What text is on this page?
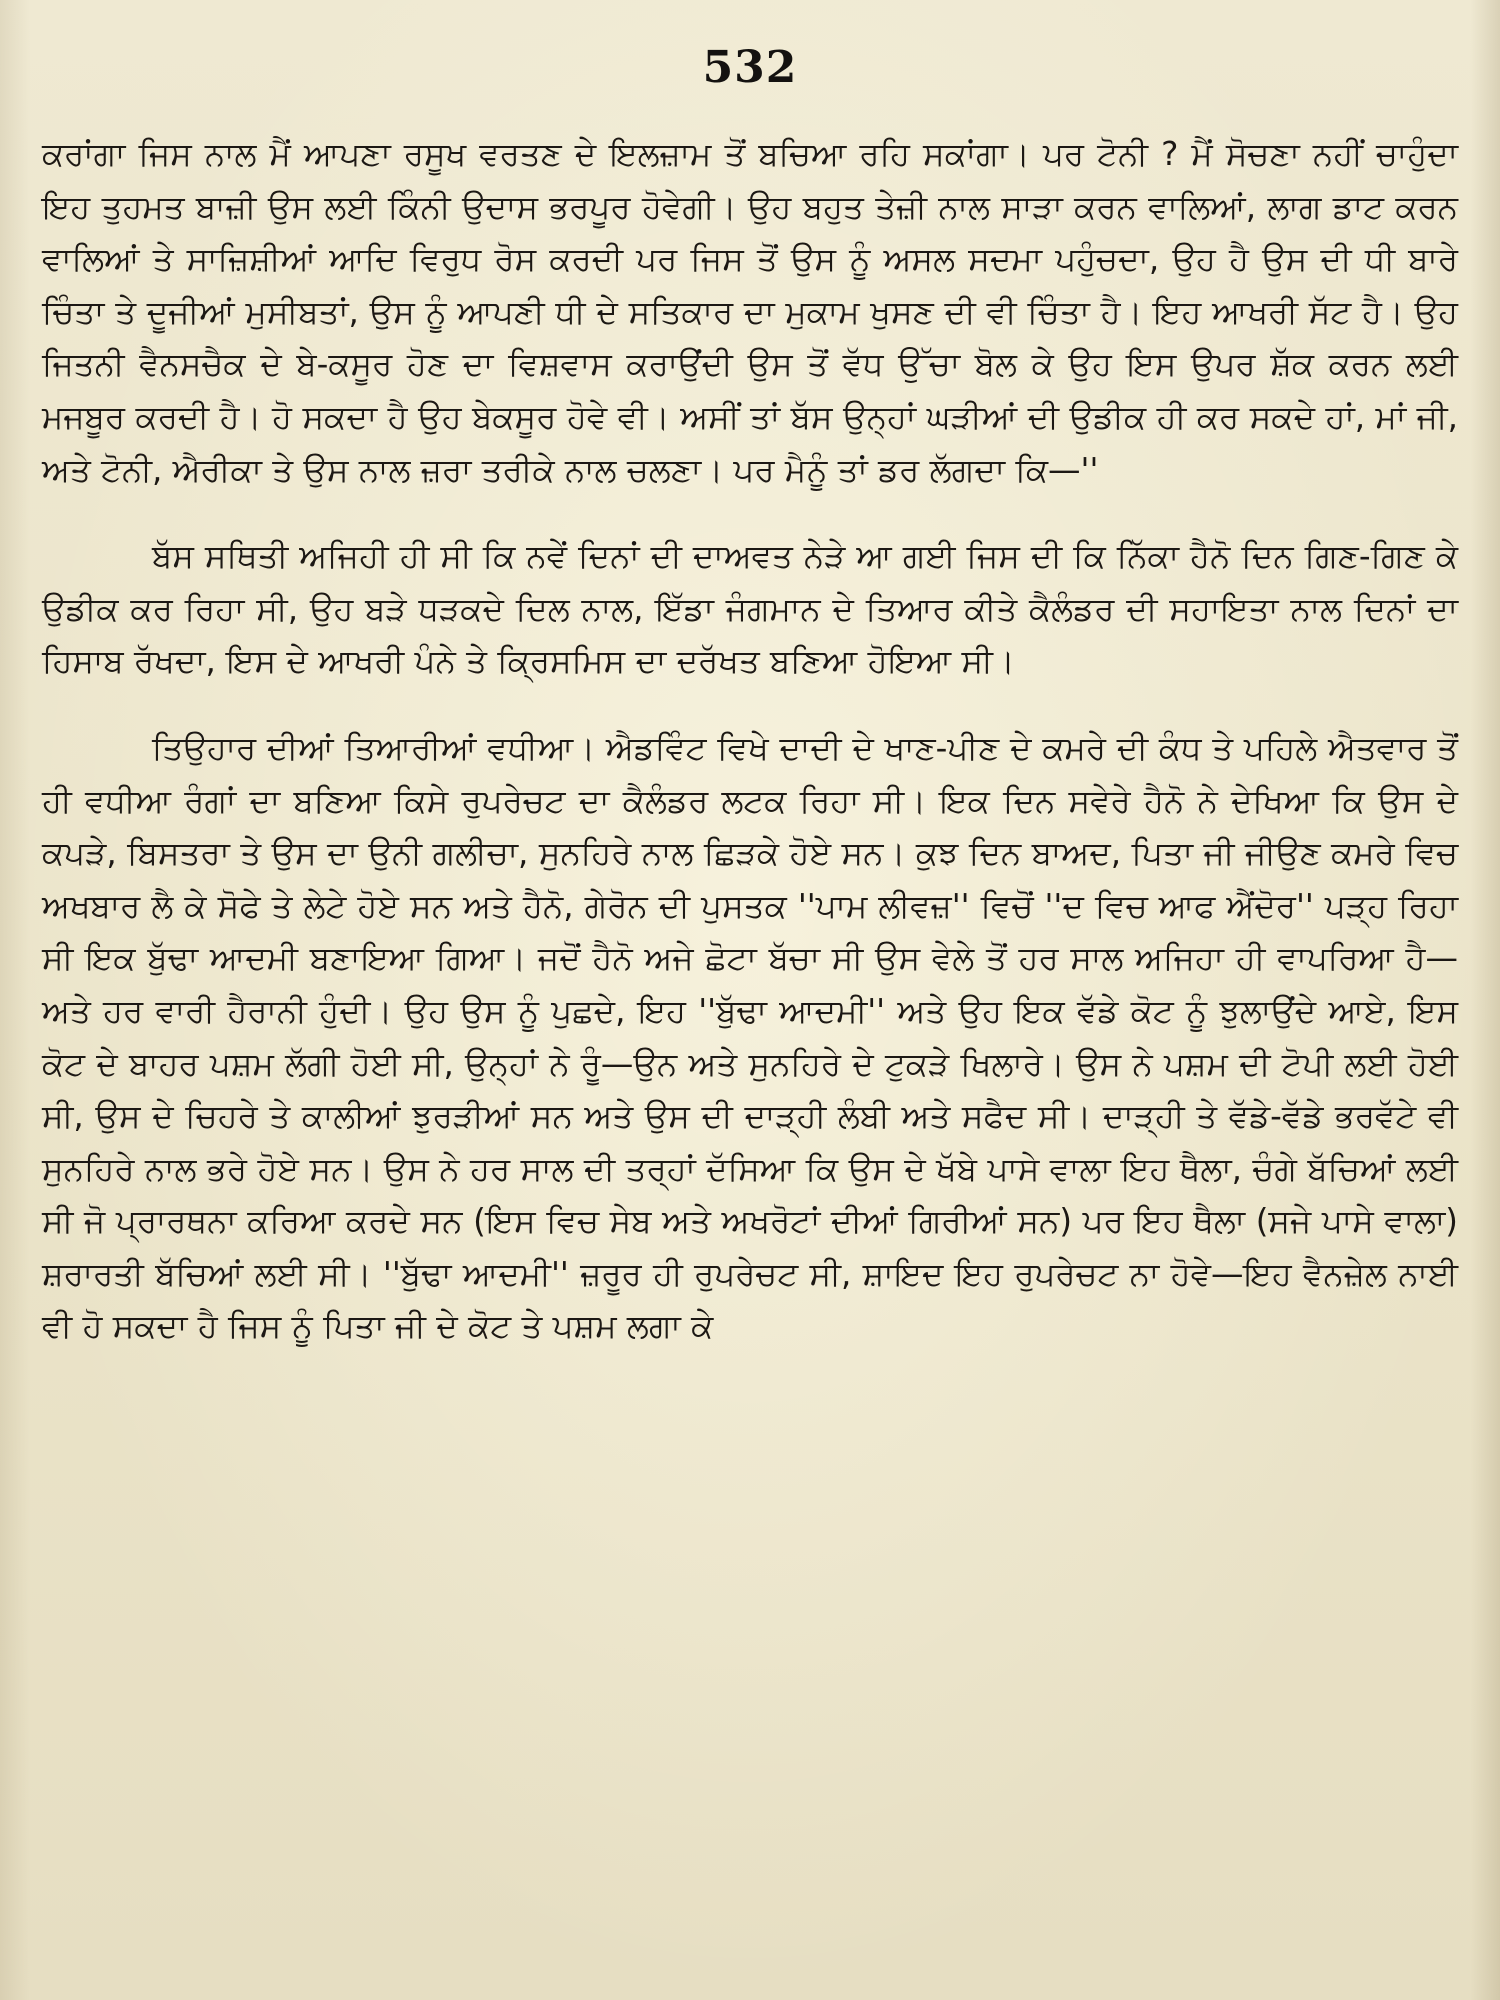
532

ਕਰਾਂਗਾ ਜਿਸ ਨਾਲ ਮੈਂ ਆਪਣਾ ਰਸੂਖ ਵਰਤਣ ਦੇ ਇਲਜ਼ਾਮ ਤੋਂ ਬਚਿਆ ਰਹਿ ਸਕਾਂਗਾ। ਪਰ ਟੋਨੀ ? ਮੈਂ ਸੋਚਣਾ ਨਹੀਂ ਚਾਹੁੰਦਾ ਇਹ ਤੁਹਮਤ ਬਾਜ਼ੀ ਉਸ ਲਈ ਕਿੰਨੀ ਉਦਾਸ ਭਰਪੂਰ ਹੋਵੇਗੀ। ਉਹ ਬਹੁਤ ਤੇਜ਼ੀ ਨਾਲ ਸਾੜਾ ਕਰਨ ਵਾਲਿਆਂ, ਲਾਗ ਡਾਟ ਕਰਨ ਵਾਲਿਆਂ ਤੇ ਸਾਜ਼ਿਸ਼ੀਆਂ ਆਦਿ ਵਿਰੁਧ ਰੋਸ ਕਰਦੀ ਪਰ ਜਿਸ ਤੋਂ ਉਸ ਨੂੰ ਅਸਲ ਸਦਮਾ ਪਹੁੰਚਦਾ, ਉਹ ਹੈ ਉਸ ਦੀ ਧੀ ਬਾਰੇ ਚਿੰਤਾ ਤੇ ਦੂਜੀਆਂ ਮੁਸੀਬਤਾਂ, ਉਸ ਨੂੰ ਆਪਣੀ ਧੀ ਦੇ ਸਤਿਕਾਰ ਦਾ ਮੁਕਾਮ ਖੁਸਣ ਦੀ ਵੀ ਚਿੰਤਾ ਹੈ। ਇਹ ਆਖਰੀ ਸੱਟ ਹੈ। ਉਹ ਜਿਤਨੀ ਵੈਨਸਚੈਕ ਦੇ ਬੇ-ਕਸੂਰ ਹੋਣ ਦਾ ਵਿਸ਼ਵਾਸ ਕਰਾਉਂਦੀ ਉਸ ਤੋਂ ਵੱਧ ਉੱਚਾ ਬੋਲ ਕੇ ਉਹ ਇਸ ਉਪਰ ਸ਼ੱਕ ਕਰਨ ਲਈ ਮਜਬੂਰ ਕਰਦੀ ਹੈ। ਹੋ ਸਕਦਾ ਹੈ ਉਹ ਬੇਕਸੂਰ ਹੋਵੇ ਵੀ। ਅਸੀਂ ਤਾਂ ਬੱਸ ਉਨ੍ਹਾਂ ਘੜੀਆਂ ਦੀ ਉਡੀਕ ਹੀ ਕਰ ਸਕਦੇ ਹਾਂ, ਮਾਂ ਜੀ, ਅਤੇ ਟੋਨੀ, ਐਰੀਕਾ ਤੇ ਉਸ ਨਾਲ ਜ਼ਰਾ ਤਰੀਕੇ ਨਾਲ ਚਲਣਾ। ਪਰ ਮੈਨੂੰ ਤਾਂ ਡਰ ਲੱਗਦਾ ਕਿ—''

ਬੱਸ ਸਥਿਤੀ ਅਜਿਹੀ ਹੀ ਸੀ ਕਿ ਨਵੇਂ ਦਿਨਾਂ ਦੀ ਦਾਅਵਤ ਨੇੜੇ ਆ ਗਈ ਜਿਸ ਦੀ ਕਿ ਨਿੱਕਾ ਹੈਨੋ ਦਿਨ ਗਿਣ-ਗਿਣ ਕੇ ਉਡੀਕ ਕਰ ਰਿਹਾ ਸੀ, ਉਹ ਬੜੇ ਧੜਕਦੇ ਦਿਲ ਨਾਲ, ਇੱਡਾ ਜੰਗਮਾਨ ਦੇ ਤਿਆਰ ਕੀਤੇ ਕੈਲੰਡਰ ਦੀ ਸਹਾਇਤਾ ਨਾਲ ਦਿਨਾਂ ਦਾ ਹਿਸਾਬ ਰੱਖਦਾ, ਇਸ ਦੇ ਆਖਰੀ ਪੰਨੇ ਤੇ ਕ੍ਰਿਸਮਿਸ ਦਾ ਦਰੱਖਤ ਬਣਿਆ ਹੋਇਆ ਸੀ।

ਤਿਉਹਾਰ ਦੀਆਂ ਤਿਆਰੀਆਂ ਵਧੀਆ। ਐਡਵਿੰਟ ਵਿਖੇ ਦਾਦੀ ਦੇ ਖਾਣ-ਪੀਣ ਦੇ ਕਮਰੇ ਦੀ ਕੰਧ ਤੇ ਪਹਿਲੇ ਐਤਵਾਰ ਤੋਂ ਹੀ ਵਧੀਆ ਰੰਗਾਂ ਦਾ ਬਣਿਆ ਕਿਸੇ ਰੁਪਰੇਚਟ ਦਾ ਕੈਲੰਡਰ ਲਟਕ ਰਿਹਾ ਸੀ। ਇਕ ਦਿਨ ਸਵੇਰੇ ਹੈਨੋ ਨੇ ਦੇਖਿਆ ਕਿ ਉਸ ਦੇ ਕਪੜੇ, ਬਿਸਤਰਾ ਤੇ ਉਸ ਦਾ ਉਨੀ ਗਲੀਚਾ, ਸੁਨਹਿਰੇ ਨਾਲ ਛਿੜਕੇ ਹੋਏ ਸਨ। ਕੁਝ ਦਿਨ ਬਾਅਦ, ਪਿਤਾ ਜੀ ਜੀਉਣ ਕਮਰੇ ਵਿਚ ਅਖਬਾਰ ਲੈ ਕੇ ਸੋਫੇ ਤੇ ਲੇਟੇ ਹੋਏ ਸਨ ਅਤੇ ਹੈਨੋ, ਗੇਰੋਨ ਦੀ ਪੁਸਤਕ ''ਪਾਮ ਲੀਵਜ਼'' ਵਿਚੋਂ ''ਦ ਵਿਚ ਆਫ ਐਂਦੋਰ'' ਪੜ੍ਹ ਰਿਹਾ ਸੀ ਇਕ ਬੁੱਢਾ ਆਦਮੀ ਬਣਾਇਆ ਗਿਆ। ਜਦੋਂ ਹੈਨੋ ਅਜੇ ਛੋਟਾ ਬੱਚਾ ਸੀ ਉਸ ਵੇਲੇ ਤੋਂ ਹਰ ਸਾਲ ਅਜਿਹਾ ਹੀ ਵਾਪਰਿਆ ਹੈ—ਅਤੇ ਹਰ ਵਾਰੀ ਹੈਰਾਨੀ ਹੁੰਦੀ। ਉਹ ਉਸ ਨੂੰ ਪੁਛਦੇ, ਇਹ ''ਬੁੱਢਾ ਆਦਮੀ'' ਅਤੇ ਉਹ ਇਕ ਵੱਡੇ ਕੋਟ ਨੂੰ ਝੁਲਾਉਂਦੇ ਆਏ, ਇਸ ਕੋਟ ਦੇ ਬਾਹਰ ਪਸ਼ਮ ਲੱਗੀ ਹੋਈ ਸੀ, ਉਨ੍ਹਾਂ ਨੇ ਰੂੰ—ਉਨ ਅਤੇ ਸੁਨਹਿਰੇ ਦੇ ਟੁਕੜੇ ਖਿਲਾਰੇ। ਉਸ ਨੇ ਪਸ਼ਮ ਦੀ ਟੋਪੀ ਲਈ ਹੋਈ ਸੀ, ਉਸ ਦੇ ਚਿਹਰੇ ਤੇ ਕਾਲੀਆਂ ਝੁਰੜੀਆਂ ਸਨ ਅਤੇ ਉਸ ਦੀ ਦਾੜ੍ਹੀ ਲੰਬੀ ਅਤੇ ਸਫੈਦ ਸੀ। ਦਾੜ੍ਹੀ ਤੇ ਵੱਡੇ-ਵੱਡੇ ਭਰਵੱਟੇ ਵੀ ਸੁਨਹਿਰੇ ਨਾਲ ਭਰੇ ਹੋਏ ਸਨ। ਉਸ ਨੇ ਹਰ ਸਾਲ ਦੀ ਤਰ੍ਹਾਂ ਦੱਸਿਆ ਕਿ ਉਸ ਦੇ ਖੱਬੇ ਪਾਸੇ ਵਾਲਾ ਇਹ ਥੈਲਾ, ਚੰਗੇ ਬੱਚਿਆਂ ਲਈ ਸੀ ਜੋ ਪ੍ਰਾਰਥਨਾ ਕਰਿਆ ਕਰਦੇ ਸਨ (ਇਸ ਵਿਚ ਸੇਬ ਅਤੇ ਅਖਰੋਟਾਂ ਦੀਆਂ ਗਿਰੀਆਂ ਸਨ) ਪਰ ਇਹ ਥੈਲਾ (ਸਜੇ ਪਾਸੇ ਵਾਲਾ) ਸ਼ਰਾਰਤੀ ਬੱਚਿਆਂ ਲਈ ਸੀ। ''ਬੁੱਢਾ ਆਦਮੀ'' ਜ਼ਰੂਰ ਹੀ ਰੁਪਰੇਚਟ ਸੀ, ਸ਼ਾਇਦ ਇਹ ਰੁਪਰੇਚਟ ਨਾ ਹੋਵੇ—ਇਹ ਵੈਨਜ਼ੇਲ ਨਾਈ ਵੀ ਹੋ ਸਕਦਾ ਹੈ ਜਿਸ ਨੂੰ ਪਿਤਾ ਜੀ ਦੇ ਕੋਟ ਤੇ ਪਸ਼ਮ ਲਗਾ ਕੇ
